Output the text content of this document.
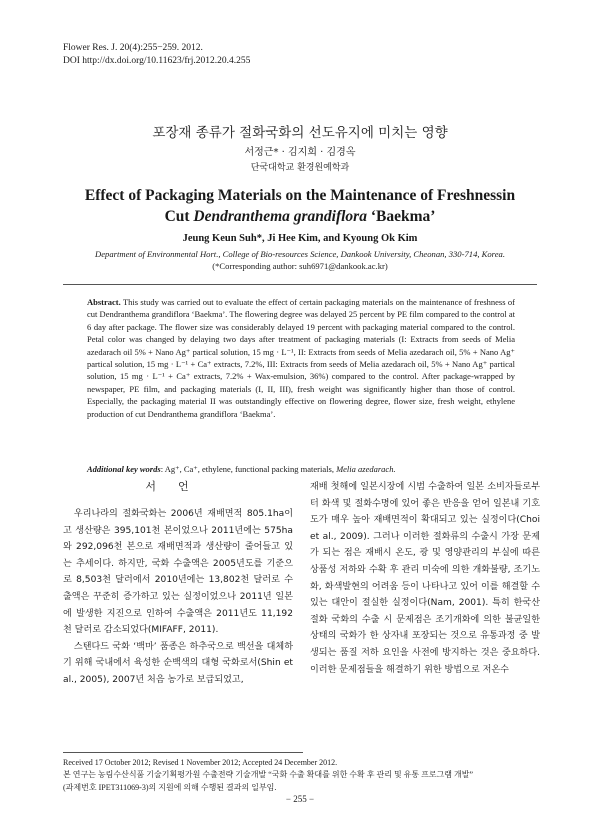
Flower Res. J. 20(4):255−259. 2012.
DOI http://dx.doi.org/10.11623/frj.2012.20.4.255
포장재 종류가 절화국화의 선도유지에 미치는 영향
서정근* · 김지희 · 김경옥
단국대학교 환경원예학과
Effect of Packaging Materials on the Maintenance of Freshnessin
Cut Dendranthema grandiflora ‘Baekma’
Jeung Keun Suh*, Ji Hee Kim, and Kyoung Ok Kim
Department of Environmental Hort., College of Bio-resources Science, Dankook University, Cheonan, 330-714, Korea.
(*Corresponding author: suh6971@dankook.ac.kr)
Abstract. This study was carried out to evaluate the effect of certain packaging materials on the maintenance of freshness of cut Dendranthema grandiflora ‘Baekma’. The flowering degree was delayed 25 percent by PE film compared to the control at 6 day after package. The flower size was considerably delayed 19 percent with packaging material compared to the control. Petal color was changed by delaying two days after treatment of packaging materials (I: Extracts from seeds of Melia azedarach oil 5% + Nano Ag⁺ partical solution, 15 mg · L⁻¹, II: Extracts from seeds of Melia azedarach oil, 5% + Nano Ag⁺ partical solution, 15 mg · L⁻¹ + Ca⁺ extracts, 7.2%, III: Extracts from seeds of Melia azedarach oil, 5% + Nano Ag⁺ partical solution, 15 mg · L⁻¹ + Ca⁺ extracts, 7.2% + Wax-emulsion, 36%) compared to the control. After package-wrapped by newspaper, PE film, and packaging materials (I, II, III), fresh weight was significantly higher than those of control. Especially, the packaging material II was outstandingly effective on flowering degree, flower size, fresh weight, ethylene production of cut Dendranthema grandiflora ‘Baekma’.
Additional key words: Ag⁺, Ca⁺, ethylene, functional packing materials, Melia azedarach.
서언

우리나라의 절화국화는 2006년 재배면적 805.1ha이고 생산량은 395,101천 본이었으나 2011년에는 575ha와 292,096천 본으로 재배면적과 생산량이 줄어들고 있는 추세이다. 하지만, 국화 수출액은 2005년도를 기준으로 8,503천 달러에서 2010년에는 13,802천 달러로 수출액은 꾸준히 증가하고 있는 실정이었으나 2011년 일본에 발생한 지진으로 인하여 수출액은 2011년도 11,192천 달러로 감소되었다(MIFAFF, 2011).

스탠다드 국화 ‘백마’ 품종은 하추국으로 백선을 대체하기 위해 국내에서 육성한 순백색의 대형 국화로서(Shin et al., 2005), 2007년 처음 농가로 보급되었고,

재배 첫해에 일본시장에 시범 수출하여 일본 소비자들로부터 화색 및 절화수명에 있어 좋은 반응을 얻어 일본내 기호도가 매우 높아 재배면적이 확대되고 있는 실정이다(Choi et al., 2009). 그러나 이러한 절화류의 수출시 가장 문제가 되는 점은 재배시 온도, 광 및 영양관리의 부실에 따른 상품성 저하와 수확 후 관리 미숙에 의한 개화불량, 조기노화, 화색발현의 어려움 등이 나타나고 있어 이를 해결할 수 있는 대안이 절실한 실정이다(Nam, 2001). 특히 한국산 절화 국화의 수출 시 문제점은 조기개화에 의한 불균일한 상태의 국화가 한 상자내 포장되는 것으로 유통과정 중 발생되는 품질 저하 요인을 사전에 방지하는 것은 중요하다. 이러한 문제점들을 해결하기 위한 방법으로 저온수

Received 17 October 2012; Revised 1 November 2012; Accepted 24 December 2012.
본 연구는 농림수산식품 기술기획평가원 수출전략 기술개발 “국화 수출 확대를 위한 수확 후 관리 및 유통 프로그램 개발”
(과제번호 IPET311069-3)의 지원에 의해 수행된 결과의 일부임.
− 255 −
